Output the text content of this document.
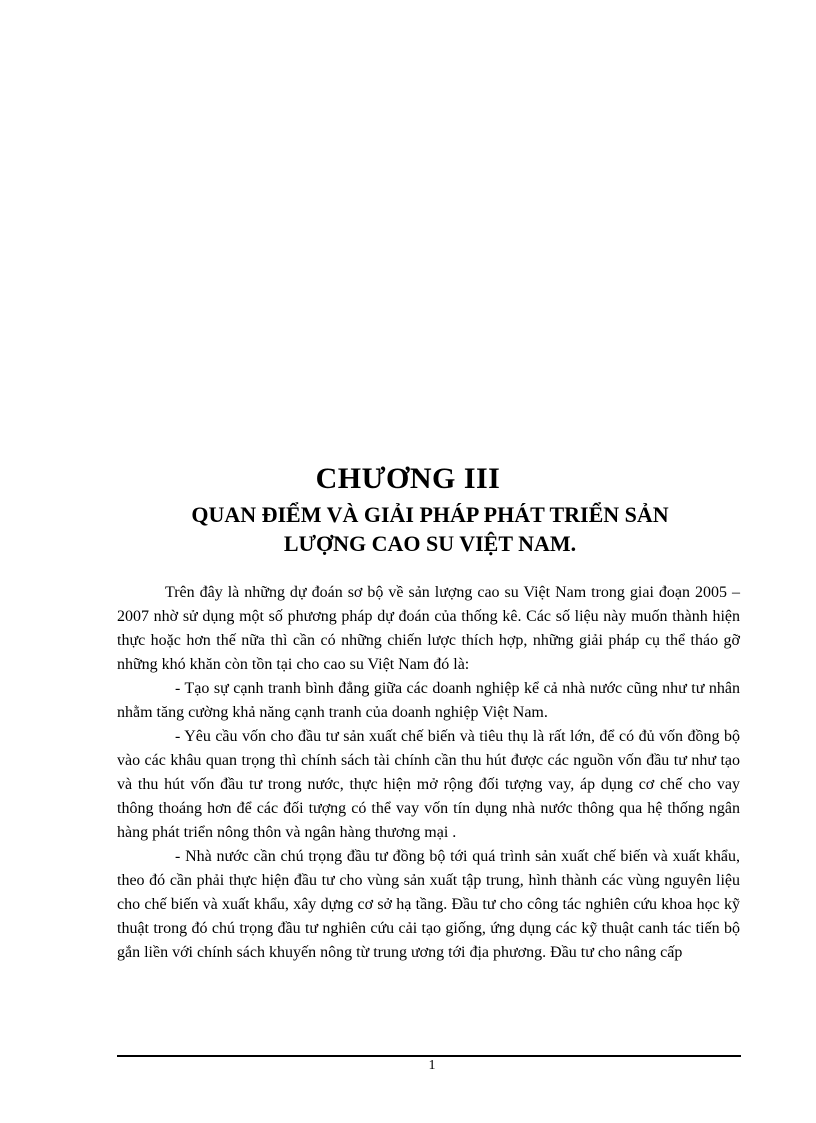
CHƯƠNG III
QUAN ĐIỂM VÀ GIẢI PHÁP PHÁT TRIỂN SẢN
LƯỢNG CAO SU VIỆT NAM.

Trên đây là những dự đoán sơ bộ về sản lượng cao su Việt Nam trong giai đoạn 2005 – 2007 nhờ sử dụng một số phương pháp dự đoán của thống kê. Các số liệu này muốn thành hiện thực hoặc hơn thế nữa thì cần có những chiến lược thích hợp, những giải pháp cụ thể tháo gỡ những khó khăn còn tồn tại cho cao su Việt Nam đó là:

- Tạo sự cạnh tranh bình đẳng giữa các doanh nghiệp kể cả nhà nước cũng như tư nhân nhằm tăng cường khả năng cạnh tranh của doanh nghiệp Việt Nam.

- Yêu cầu vốn cho đầu tư sản xuất chế biến và tiêu thụ là rất lớn, để có đủ vốn đồng bộ vào các khâu quan trọng thì chính sách tài chính cần thu hút được các nguồn vốn đầu tư như tạo và thu hút vốn đầu tư trong nước, thực hiện mở rộng đối tượng vay, áp dụng cơ chế cho vay thông thoáng hơn để các đối tượng có thể vay vốn tín dụng nhà nước thông qua hệ thống ngân hàng phát triển nông thôn và ngân hàng thương mại .

- Nhà nước cần chú trọng đầu tư đồng bộ tới quá trình sản xuất chế biến và xuất khẩu, theo đó cần phải thực hiện đầu tư cho vùng sản xuất tập trung, hình thành các vùng nguyên liệu cho chế biến và xuất khẩu, xây dựng cơ sở hạ tầng. Đầu tư cho công tác nghiên cứu khoa học kỹ thuật trong đó chú trọng đầu tư nghiên cứu cải tạo giống, ứng dụng các kỹ thuật canh tác tiến bộ gắn liền với chính sách khuyến nông từ trung ương tới địa phương. Đầu tư cho nâng cấp

1
